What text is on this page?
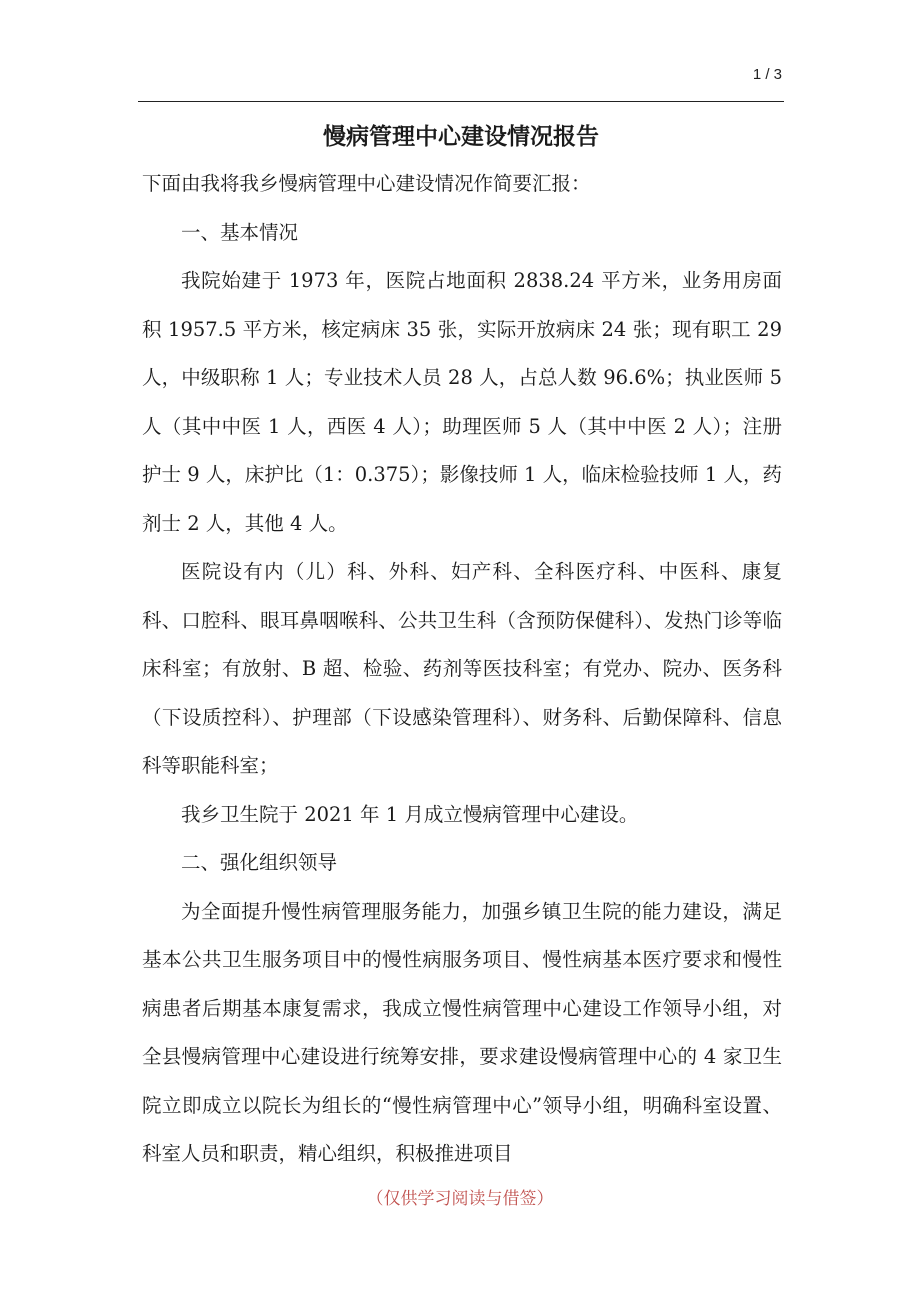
1 / 3
慢病管理中心建设情况报告

下面由我将我乡慢病管理中心建设情况作简要汇报：

一、基本情况

我院始建于 1973 年，医院占地面积 2838.24 平方米，业务用房面积 1957.5 平方米，核定病床 35 张，实际开放病床 24 张；现有职工 29 人，中级职称 1 人；专业技术人员 28 人，占总人数 96.6%；执业医师 5 人（其中中医 1 人，西医 4 人）；助理医师 5 人（其中中医 2 人）；注册护士 9 人，床护比（1：0.375）；影像技师 1 人，临床检验技师 1 人，药剂士 2 人，其他 4 人。

医院设有内（儿）科、外科、妇产科、全科医疗科、中医科、康复科、口腔科、眼耳鼻咽喉科、公共卫生科（含预防保健科）、发热门诊等临床科室；有放射、B 超、检验、药剂等医技科室；有党办、院办、医务科（下设质控科）、护理部（下设感染管理科）、财务科、后勤保障科、信息科等职能科室；

我乡卫生院于 2021 年 1 月成立慢病管理中心建设。

二、强化组织领导

为全面提升慢性病管理服务能力，加强乡镇卫生院的能力建设，满足基本公共卫生服务项目中的慢性病服务项目、慢性病基本医疗要求和慢性病患者后期基本康复需求，我成立慢性病管理中心建设工作领导小组，对全县慢病管理中心建设进行统筹安排，要求建设慢病管理中心的 4 家卫生院立即成立以院长为组长的“慢性病管理中心”领导小组，明确科室设置、科室人员和职责，精心组织，积极推进项目

（仅供学习阅读与借签）
